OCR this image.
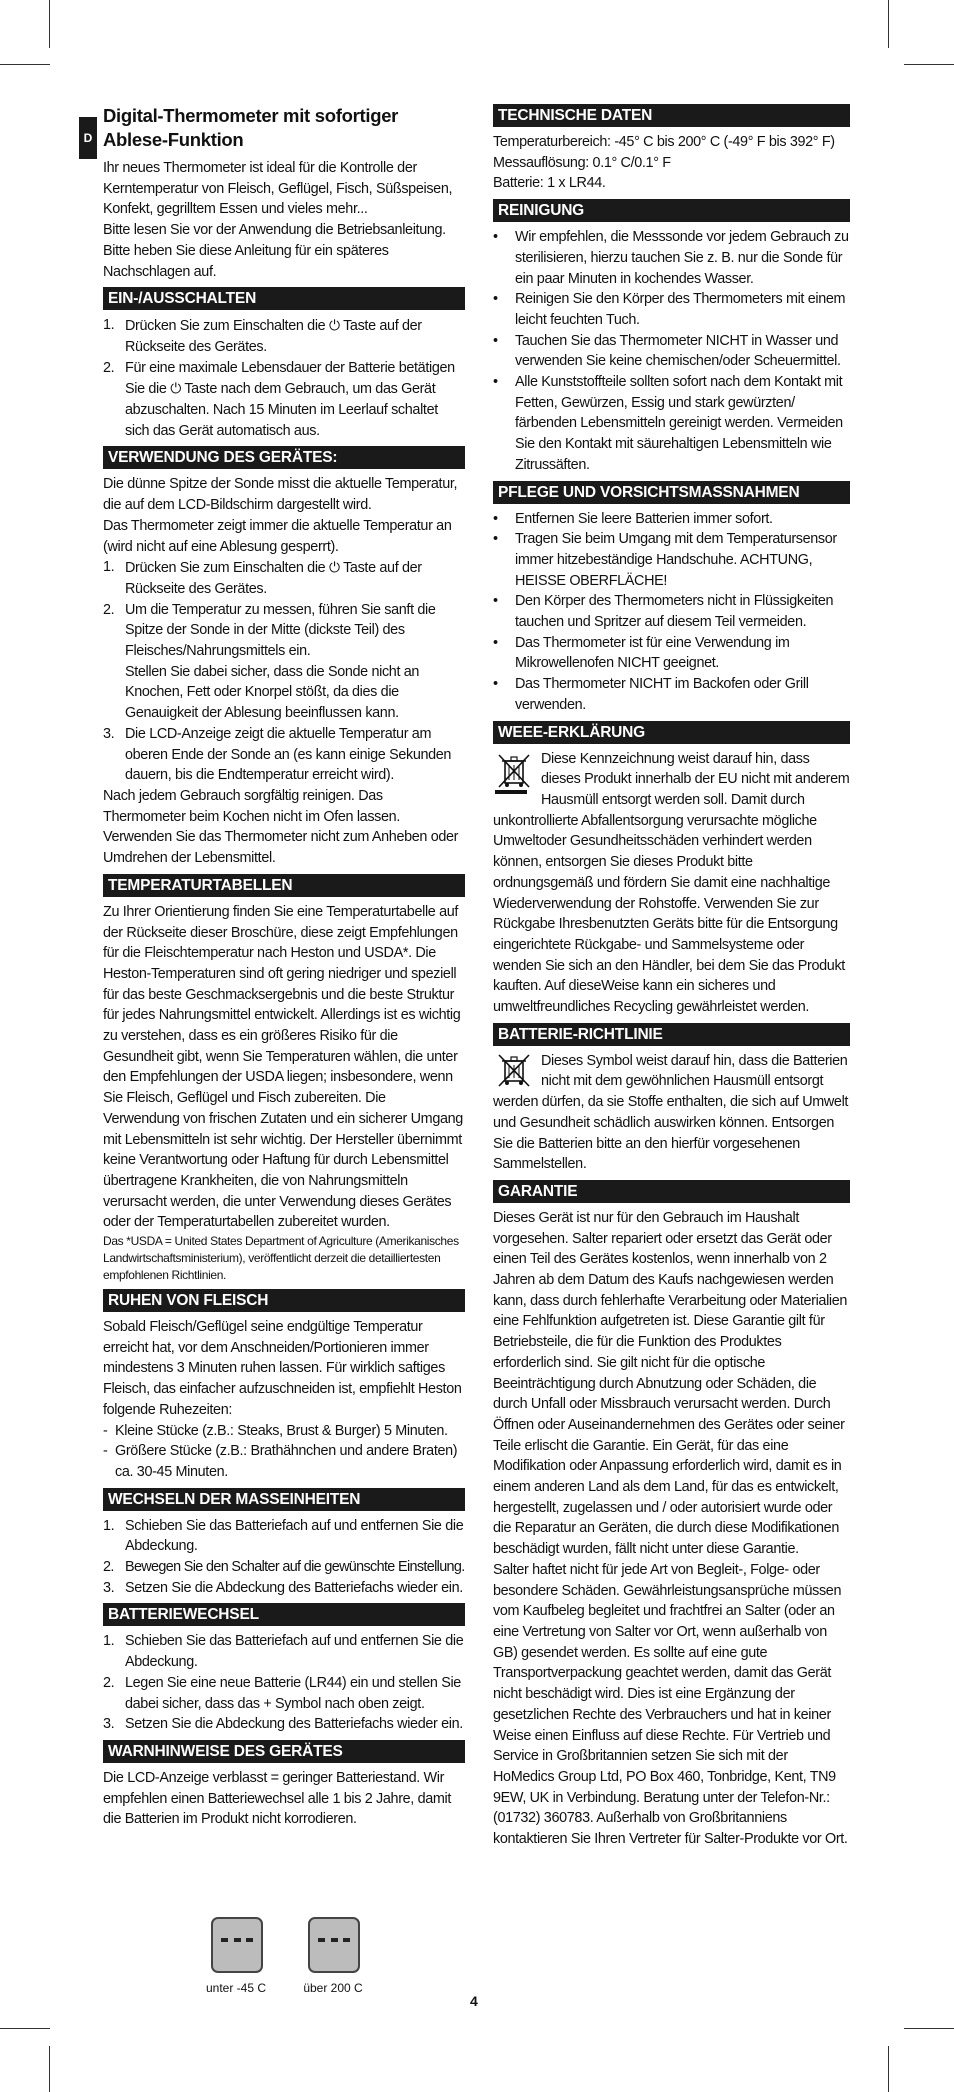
D
Digital-Thermometer mit sofortiger Ablese-Funktion

Ihr neues Thermometer ist ideal für die Kontrolle der Kerntemperatur von Fleisch, Geflügel, Fisch, Süßspeisen, Konfekt, gegrilltem Essen und vieles mehr...

Bitte lesen Sie vor der Anwendung die Betriebsanleitung. Bitte heben Sie diese Anleitung für ein späteres Nachschlagen auf.

EIN-/AUSSCHALTEN
1. Drücken Sie zum Einschalten die ⏻ Taste auf der Rückseite des Gerätes.
2. Für eine maximale Lebensdauer der Batterie betätigen Sie die ⏻ Taste nach dem Gebrauch, um das Gerät abzuschalten. Nach 15 Minuten im Leerlauf schaltet sich das Gerät automatisch aus.
VERWENDUNG DES GERÄTES:

Die dünne Spitze der Sonde misst die aktuelle Temperatur, die auf dem LCD-Bildschirm dargestellt wird.

Das Thermometer zeigt immer die aktuelle Temperatur an (wird nicht auf eine Ablesung gesperrt).

1. Drücken Sie zum Einschalten die ⏻ Taste auf der Rückseite des Gerätes.
2. Um die Temperatur zu messen, führen Sie sanft die Spitze der Sonde in der Mitte (dickste Teil) des Fleisches/Nahrungsmittels ein.
Stellen Sie dabei sicher, dass die Sonde nicht an Knochen, Fett oder Knorpel stößt, da dies die Genauigkeit der Ablesung beeinflussen kann.
3. Die LCD-Anzeige zeigt die aktuelle Temperatur am oberen Ende der Sonde an (es kann einige Sekunden dauern, bis die Endtemperatur erreicht wird).

Nach jedem Gebrauch sorgfältig reinigen. Das Thermometer beim Kochen nicht im Ofen lassen. Verwenden Sie das Thermometer nicht zum Anheben oder Umdrehen der Lebensmittel.

TEMPERATURTABELLEN

Zu Ihrer Orientierung finden Sie eine Temperaturtabelle auf der Rückseite dieser Broschüre, diese zeigt Empfehlungen für die Fleischtemperatur nach Heston und USDA*. Die Heston-Temperaturen sind oft gering niedriger und speziell für das beste Geschmacksergebnis und die beste Struktur für jedes Nahrungsmittel entwickelt. Allerdings ist es wichtig zu verstehen, dass es ein größeres Risiko für die Gesundheit gibt, wenn Sie Temperaturen wählen, die unter den Empfehlungen der USDA liegen; insbesondere, wenn Sie Fleisch, Geflügel und Fisch zubereiten. Die Verwendung von frischen Zutaten und ein sicherer Umgang mit Lebensmitteln ist sehr wichtig. Der Hersteller übernimmt keine Verantwortung oder Haftung für durch Lebensmittel übertragene Krankheiten, die von Nahrungsmitteln verursacht werden, die unter Verwendung dieses Gerätes oder der Temperaturtabellen zubereitet wurden.

Das *USDA = United States Department of Agriculture (Amerikanisches Landwirtschaftsministerium), veröffentlicht derzeit die detailliertesten empfohlenen Richtlinien.

RUHEN VON FLEISCH

Sobald Fleisch/Geflügel seine endgültige Temperatur erreicht hat, vor dem Anschneiden/Portionieren immer mindestens 3 Minuten ruhen lassen. Für wirklich saftiges Fleisch, das einfacher aufzuschneiden ist, empfiehlt Heston folgende Ruhezeiten:

- Kleine Stücke (z.B.: Steaks, Brust & Burger) 5 Minuten.
- Größere Stücke (z.B.: Brathähnchen und andere Braten) ca. 30-45 Minuten.
WECHSELN DER MASSEINHEITEN
1. Schieben Sie das Batteriefach auf und entfernen Sie die Abdeckung.
2. Bewegen Sie den Schalter auf die gewünschte Einstellung.
3. Setzen Sie die Abdeckung des Batteriefachs wieder ein.
BATTERIEWECHSEL
1. Schieben Sie das Batteriefach auf und entfernen Sie die Abdeckung.
2. Legen Sie eine neue Batterie (LR44) ein und stellen Sie dabei sicher, dass das + Symbol nach oben zeigt.
3. Setzen Sie die Abdeckung des Batteriefachs wieder ein.
WARNHINWEISE DES GERÄTES

Die LCD-Anzeige verblasst = geringer Batteriestand. Wir empfehlen einen Batteriewechsel alle 1 bis 2 Jahre, damit die Batterien im Produkt nicht korrodieren.

unter -45 C	über 200 C
TECHNISCHE DATEN

Temperaturbereich: -45° C bis 200° C (-49° F bis 392° F)

Messauflösung: 0.1° C/0.1° F

Batterie: 1 x LR44.

REINIGUNG
• Wir empfehlen, die Messsonde vor jedem Gebrauch zu sterilisieren, hierzu tauchen Sie z. B. nur die Sonde für ein paar Minuten in kochendes Wasser.
• Reinigen Sie den Körper des Thermometers mit einem leicht feuchten Tuch.
• Tauchen Sie das Thermometer NICHT in Wasser und verwenden Sie keine chemischen/oder Scheuermittel.
• Alle Kunststoffteile sollten sofort nach dem Kontakt mit Fetten, Gewürzen, Essig und stark gewürzten/ färbenden Lebensmitteln gereinigt werden. Vermeiden Sie den Kontakt mit säurehaltigen Lebensmitteln wie Zitrussäften.
PFLEGE UND VORSICHTSMASSNAHMEN
• Entfernen Sie leere Batterien immer sofort.
• Tragen Sie beim Umgang mit dem Temperatursensor immer hitzebeständige Handschuhe. ACHTUNG, HEISSE OBERFLÄCHE!
• Den Körper des Thermometers nicht in Flüssigkeiten tauchen und Spritzer auf diesem Teil vermeiden.
• Das Thermometer ist für eine Verwendung im Mikrowellenofen NICHT geeignet.
• Das Thermometer NICHT im Backofen oder Grill verwenden.
WEEE-ERKLÄRUNG

Diese Kennzeichnung weist darauf hin, dass dieses Produkt innerhalb der EU nicht mit anderem Hausmüll entsorgt werden soll. Damit durch unkontrollierte Abfallentsorgung verursachte mögliche Umweltoder Gesundheitsschäden verhindert werden können, entsorgen Sie dieses Produkt bitte ordnungsgemäß und fördern Sie damit eine nachhaltige Wiederverwendung der Rohstoffe. Verwenden Sie zur Rückgabe Ihresbenutzten Geräts bitte für die Entsorgung eingerichtete Rückgabe- und Sammelsysteme oder wenden Sie sich an den Händler, bei dem Sie das Produkt kauften. Auf dieseWeise kann ein sicheres und umweltfreundliches Recycling gewährleistet werden.

BATTERIE-RICHTLINIE

Dieses Symbol weist darauf hin, dass die Batterien nicht mit dem gewöhnlichen Hausmüll entsorgt werden dürfen, da sie Stoffe enthalten, die sich auf Umwelt und Gesundheit schädlich auswirken können. Entsorgen Sie die Batterien bitte an den hierfür vorgesehenen Sammelstellen.

GARANTIE

Dieses Gerät ist nur für den Gebrauch im Haushalt vorgesehen. Salter repariert oder ersetzt das Gerät oder einen Teil des Gerätes kostenlos, wenn innerhalb von 2 Jahren ab dem Datum des Kaufs nachgewiesen werden kann, dass durch fehlerhafte Verarbeitung oder Materialien eine Fehlfunktion aufgetreten ist. Diese Garantie gilt für Betriebsteile, die für die Funktion des Produktes erforderlich sind. Sie gilt nicht für die optische Beeinträchtigung durch Abnutzung oder Schäden, die durch Unfall oder Missbrauch verursacht werden. Durch Öffnen oder Auseinandernehmen des Gerätes oder seiner Teile erlischt die Garantie. Ein Gerät, für das eine Modifikation oder Anpassung erforderlich wird, damit es in einem anderen Land als dem Land, für das es entwickelt, hergestellt, zugelassen und / oder autorisiert wurde oder die Reparatur an Geräten, die durch diese Modifikationen beschädigt wurden, fällt nicht unter diese Garantie.

Salter haftet nicht für jede Art von Begleit-, Folge- oder besondere Schäden. Gewährleistungsansprüche müssen vom Kaufbeleg begleitet und frachtfrei an Salter (oder an eine Vertretung von Salter vor Ort, wenn außerhalb von GB) gesendet werden. Es sollte auf eine gute Transportverpackung geachtet werden, damit das Gerät nicht beschädigt wird. Dies ist eine Ergänzung der gesetzlichen Rechte des Verbrauchers und hat in keiner Weise einen Einfluss auf diese Rechte. Für Vertrieb und Service in Großbritannien setzen Sie sich mit der HoMedics Group Ltd, PO Box 460, Tonbridge, Kent, TN9 9EW, UK in Verbindung. Beratung unter der Telefon-Nr.: (01732) 360783. Außerhalb von Großbritanniens kontaktieren Sie Ihren Vertreter für Salter-Produkte vor Ort.

4
